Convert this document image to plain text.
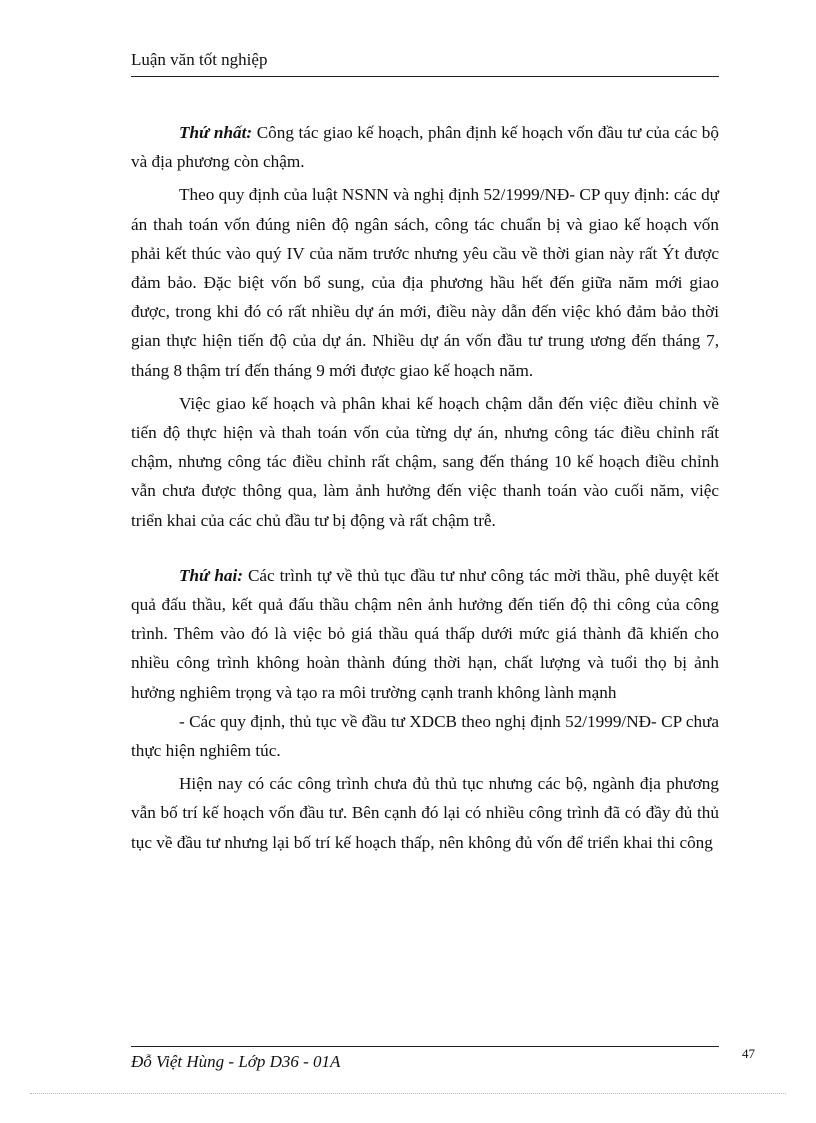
Luận văn tốt nghiệp

Thứ nhất: Công tác giao kế hoạch, phân định kế hoạch vốn đầu tư của các bộ và địa phương còn chậm.

Theo quy định của luật NSNN và nghị định 52/1999/NĐ- CP quy định: các dự án thah toán vốn đúng niên độ ngân sách, công tác chuẩn bị và giao kế hoạch vốn phải kết thúc vào quý IV của năm trước nhưng yêu cầu về thời gian này rất Ýt được đảm bảo. Đặc biệt vốn bổ sung, của địa phương hầu hết đến giữa năm mới giao được, trong khi đó có rất nhiều dự án mới, điều này dẫn đến việc khó đảm bảo thời gian thực hiện tiến độ của dự án. Nhiều dự án vốn đầu tư trung ương đến tháng 7, tháng 8 thậm trí đến tháng 9 mới được giao kế hoạch năm.

Việc giao kế hoạch và phân khai kế hoạch chậm dẫn đến việc điều chỉnh về tiến độ thực hiện và thah toán vốn của từng dự án, nhưng công tác điều chỉnh rất chậm, nhưng công tác điều chỉnh rất chậm, sang đến tháng 10 kế hoạch điều chỉnh vẫn chưa được thông qua, làm ảnh hưởng đến việc thanh toán vào cuối năm, việc triển khai của các chủ đầu tư bị động và rất chậm trễ.

Thứ hai: Các trình tự về thủ tục đầu tư như công tác mời thầu, phê duyệt kết quả đấu thầu, kết quả đấu thầu chậm nên ảnh hưởng đến tiến độ thi công của công trình. Thêm vào đó là việc bỏ giá thầu quá thấp dưới mức giá thành đã khiến cho nhiều công trình không hoàn thành đúng thời hạn, chất lượng và tuổi thọ bị ảnh hưởng nghiêm trọng và tạo ra môi trường cạnh tranh không lành mạnh

- Các quy định, thủ tục về đầu tư XDCB theo nghị định 52/1999/NĐ- CP chưa thực hiện nghiêm túc.

Hiện nay có các công trình chưa đủ thủ tục nhưng các bộ, ngành địa phương vẫn bố trí kế hoạch vốn đầu tư. Bên cạnh đó lại có nhiều công trình đã có đầy đủ thủ tục về đầu tư nhưng lại bố trí kế hoạch thấp, nên không đủ vốn để triển khai thi công

Đỗ Việt Hùng - Lớp D36 - 01A	47
